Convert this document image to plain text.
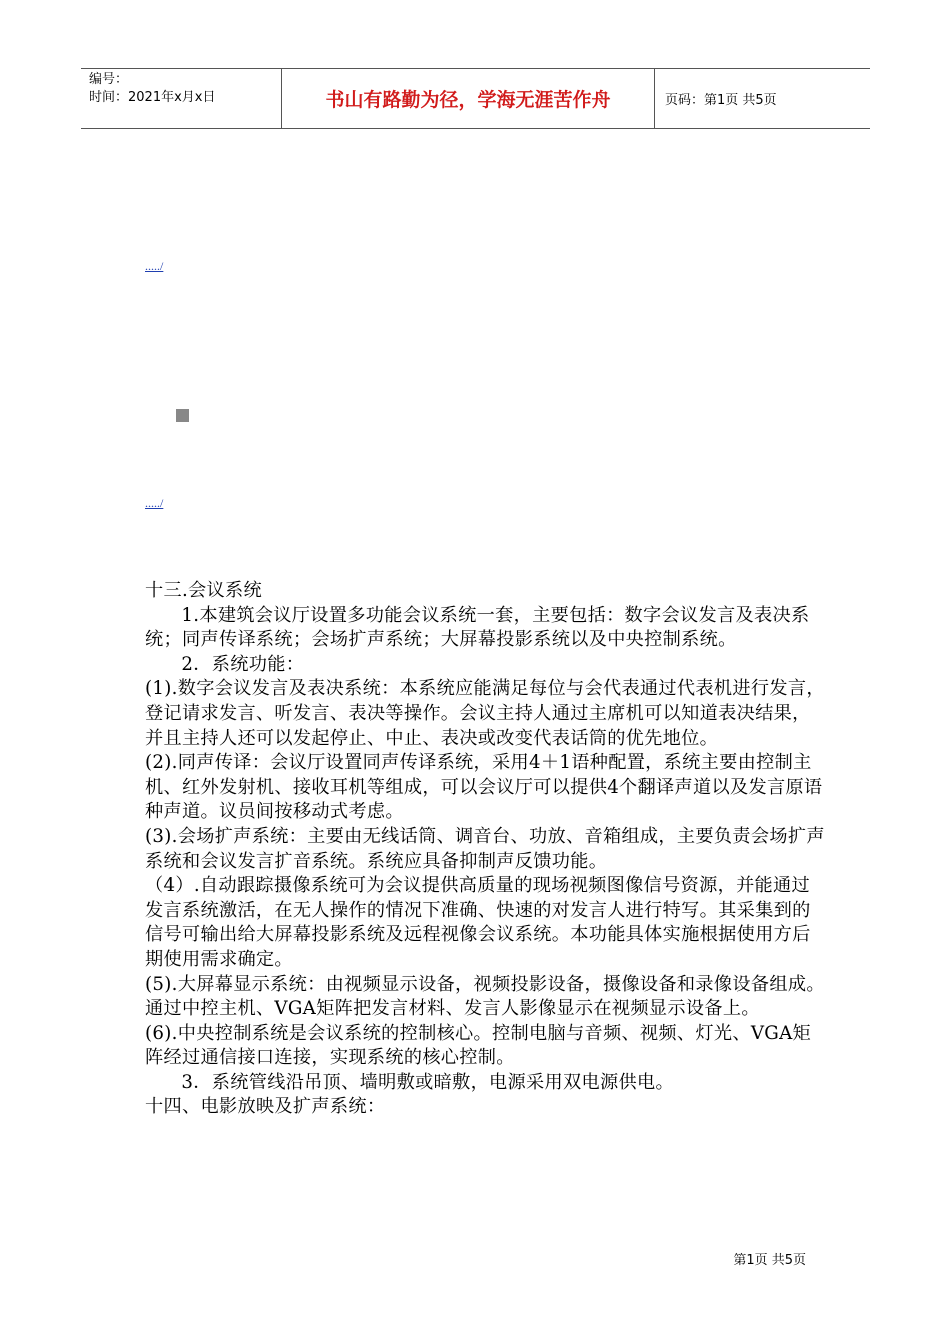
编号：
时间：2021年x月x日	书山有路勤为径，学海无涯苦作舟	页码：第1页 共5页
...../
...../

十三.会议系统

1.本建筑会议厅设置多功能会议系统一套，主要包括：数字会议发言及表决系统；同声传译系统；会场扩声系统；大屏幕投影系统以及中央控制系统。

2．系统功能：

(1).数字会议发言及表决系统：本系统应能满足每位与会代表通过代表机进行发言，登记请求发言、听发言、表决等操作。会议主持人通过主席机可以知道表决结果，并且主持人还可以发起停止、中止、表决或改变代表话筒的优先地位。

(2).同声传译：会议厅设置同声传译系统，采用4＋1语种配置，系统主要由控制主机、红外发射机、接收耳机等组成，可以会议厅可以提供4个翻译声道以及发言原语种声道。议员间按移动式考虑。

(3).会场扩声系统：主要由无线话筒、调音台、功放、音箱组成，主要负责会场扩声系统和会议发言扩音系统。系统应具备抑制声反馈功能。

（4）.自动跟踪摄像系统可为会议提供高质量的现场视频图像信号资源，并能通过发言系统激活，在无人操作的情况下准确、快速的对发言人进行特写。其采集到的信号可输出给大屏幕投影系统及远程视像会议系统。本功能具体实施根据使用方后期使用需求确定。

(5).大屏幕显示系统：由视频显示设备，视频投影设备，摄像设备和录像设备组成。通过中控主机、VGA矩阵把发言材料、发言人影像显示在视频显示设备上。

(6).中央控制系统是会议系统的控制核心。控制电脑与音频、视频、灯光、VGA矩阵经过通信接口连接，实现系统的核心控制。

3．系统管线沿吊顶、墙明敷或暗敷，电源采用双电源供电。

十四、电影放映及扩声系统：

第1页 共5页
